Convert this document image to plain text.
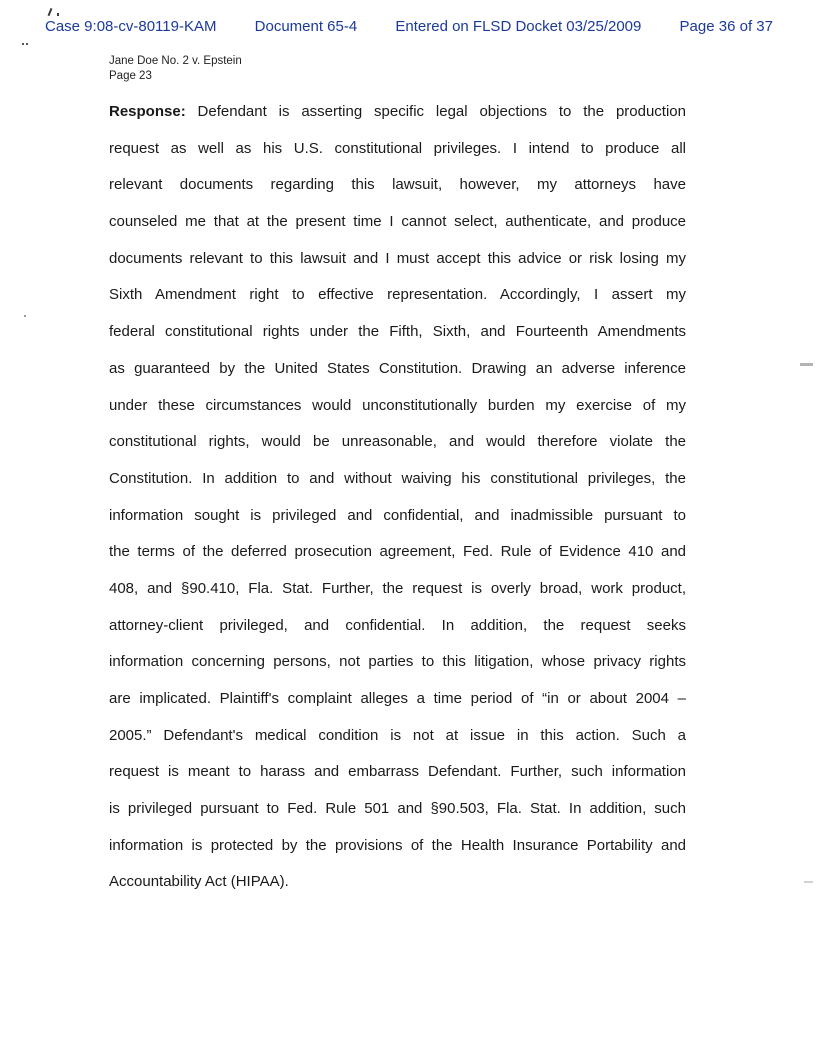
Case 9:08-cv-80119-KAM	Document 65-4	Entered on FLSD Docket 03/25/2009	Page 36 of 37
Jane Doe No. 2 v. Epstein
Page 23
Response: Defendant is asserting specific legal objections to the production
request as well as his U.S. constitutional privileges. I intend to produce all
relevant documents regarding this lawsuit, however, my attorneys have
counseled me that at the present time I cannot select, authenticate, and produce
documents relevant to this lawsuit and I must accept this advice or risk losing my
Sixth Amendment right to effective representation. Accordingly, I assert my
federal constitutional rights under the Fifth, Sixth, and Fourteenth Amendments
as guaranteed by the United States Constitution. Drawing an adverse inference
under these circumstances would unconstitutionally burden my exercise of my
constitutional rights, would be unreasonable, and would therefore violate the
Constitution. In addition to and without waiving his constitutional privileges, the
information sought is privileged and confidential, and inadmissible pursuant to
the terms of the deferred prosecution agreement, Fed. Rule of Evidence 410 and
408, and §90.410, Fla. Stat. Further, the request is overly broad, work product,
attorney-client privileged, and confidential. In addition, the request seeks
information concerning persons, not parties to this litigation, whose privacy rights
are implicated. Plaintiff's complaint alleges a time period of “in or about 2004 –
2005.” Defendant's medical condition is not at issue in this action. Such a
request is meant to harass and embarrass Defendant. Further, such information
is privileged pursuant to Fed. Rule 501 and §90.503, Fla. Stat. In addition, such
information is protected by the provisions of the Health Insurance Portability and
Accountability Act (HIPAA).
